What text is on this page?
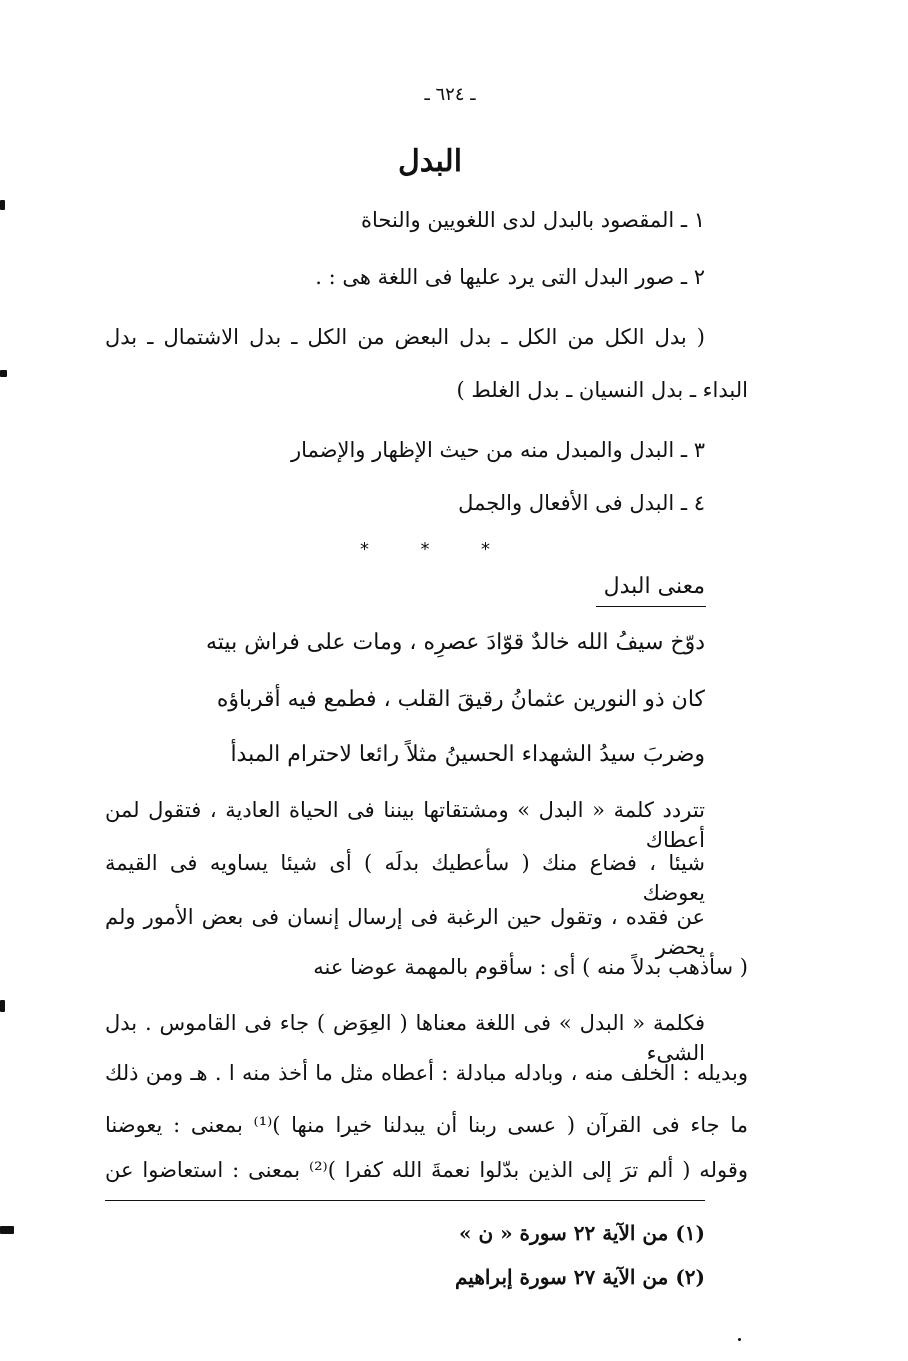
ـ ٦٢٤ ـ
البدل
١ ـ المقصود بالبدل لدى اللغويين والنحاة
٢ ـ صور البدل التى يرد عليها فى اللغة هى : .
( بدل الكل من الكل ـ بدل البعض من الكل ـ بدل الاشتمال ـ بدل
البداء ـ بدل النسيان ـ بدل الغلط )
٣ ـ البدل والمبدل منه من حيث الإظهار والإضمار
٤ ـ البدل فى الأفعال والجمل
*	*	*
معنى البدل
دوّخ سيفُ الله خالدٌ قوّادَ عصرِه ، ومات على فراش بيته
كان ذو النورين عثمانُ رقيقَ القلب ، فطمع فيه أقرباؤه
وضربَ سيدُ الشهداء الحسينُ مثلاً رائعا لاحترام المبدأ
تتردد كلمة « البدل » ومشتقاتها بيننا فى الحياة العادية ، فتقول لمن أعطاك
شيئا ، فضاع منك ( سأعطيك بدلَه ) أى شيئا يساويه فى القيمة يعوضك
عن فقده ، وتقول حين الرغبة فى إرسال إنسان فى بعض الأمور ولم يحضر
( سأذهب بدلاً منه ) أى : سأقوم بالمهمة عوضا عنه
فكلمة « البدل » فى اللغة معناها ( العِوَض ) جاء فى القاموس . بدل الشىء
وبديله : الخلف منه ، وبادله مبادلة : أعطاه مثل ما أخذ منه ا . هـ ومن ذلك
ما جاء فى القرآن ( عسى ربنا أن يبدلنا خيرا منها )⁽¹⁾ بمعنى : يعوضنا
وقوله ( ألم ترَ إلى الذين بدّلوا نعمةَ الله كفرا )⁽²⁾ بمعنى : استعاضوا عن
(١) من الآية ٢٢ سورة « ن »
(٢) من الآية ٢٧ سورة إبراهيم
